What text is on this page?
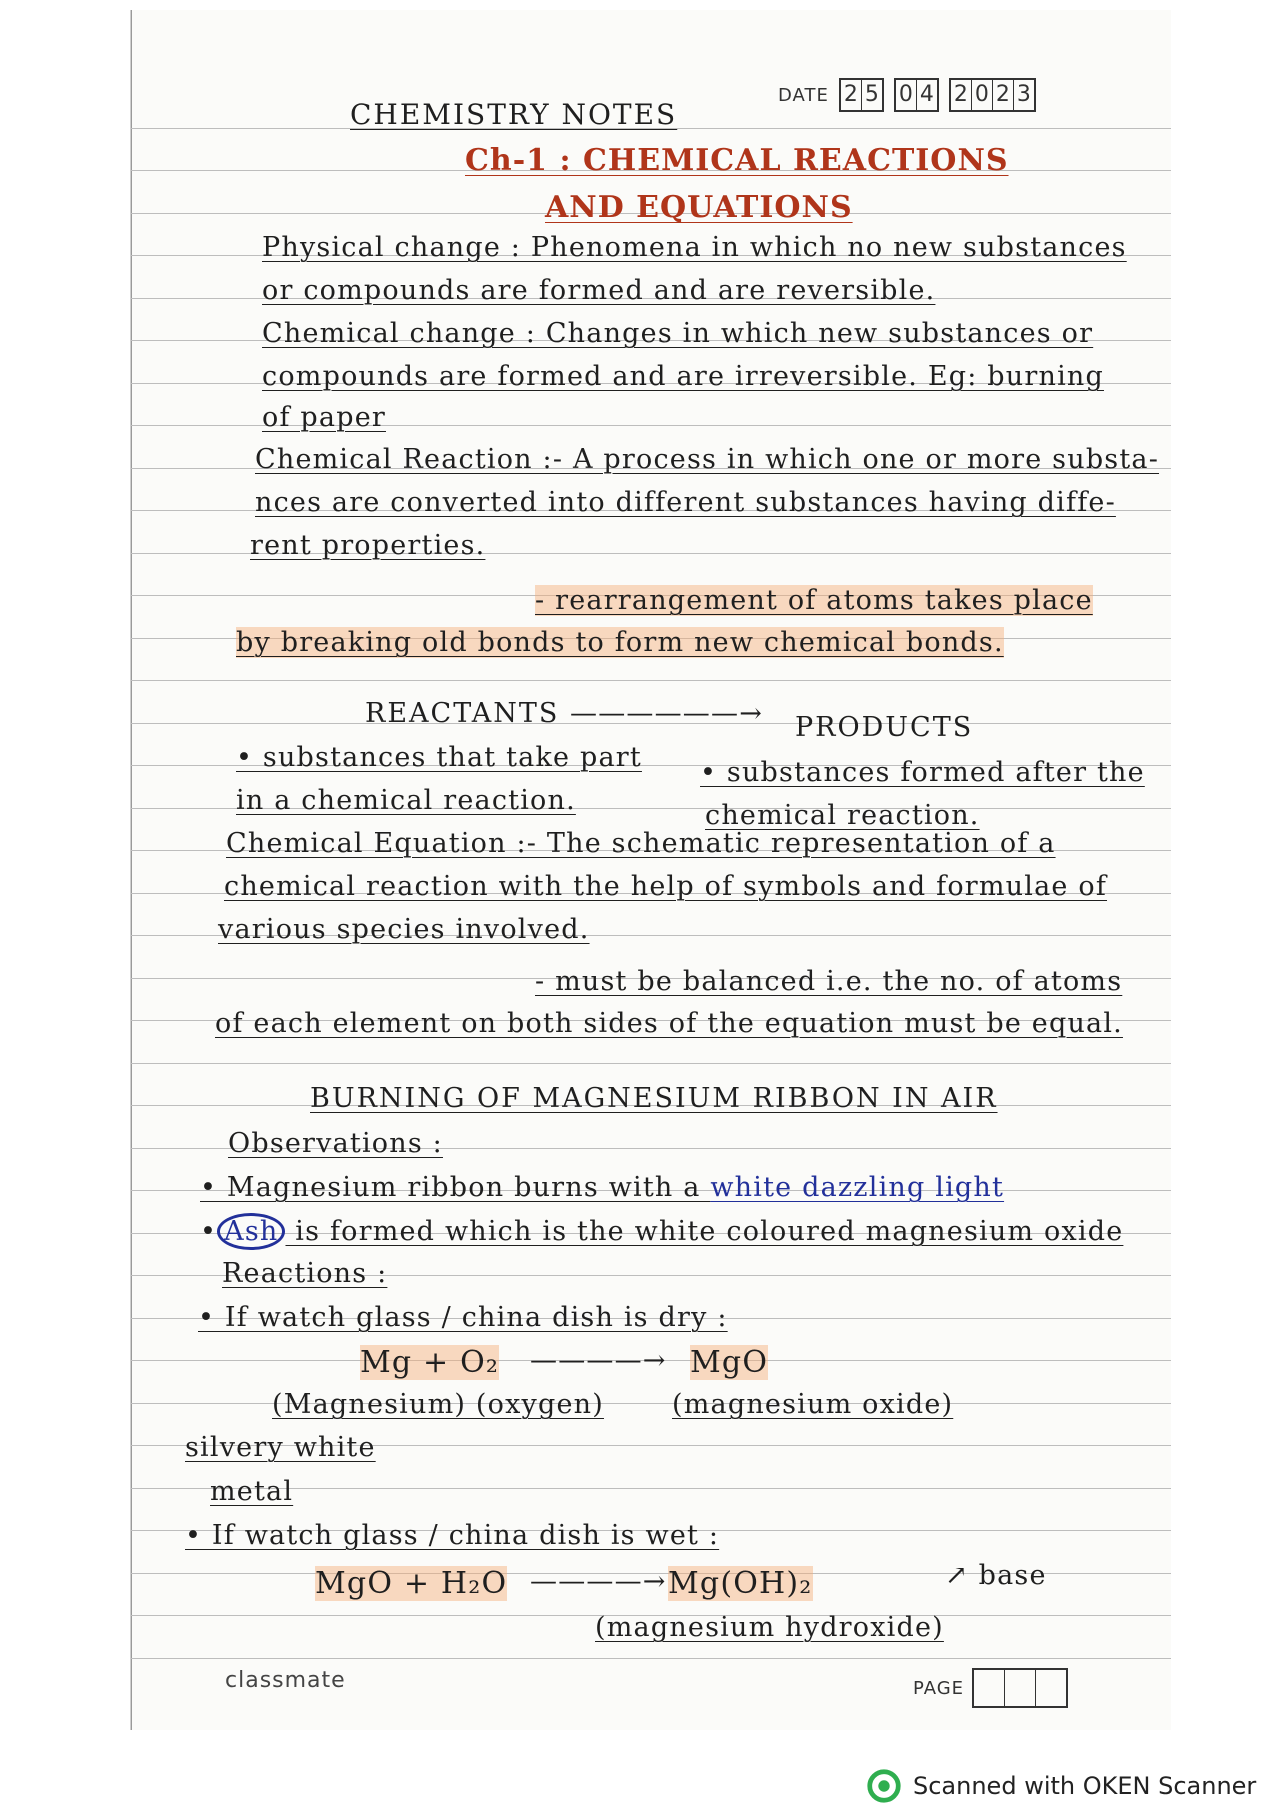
DATE 2 5 0 4 2 0 2 3
CHEMISTRY NOTES
Ch-1 : CHEMICAL REACTIONS
AND EQUATIONS
Physical change : Phenomena in which no new substances
or compounds are formed and are reversible.
Chemical change : Changes in which new substances or
compounds are formed and are irreversible. Eg: burning
of paper
Chemical Reaction :- A process in which one or more substa-
nces are converted into different substances having diffe-
rent properties.
- rearrangement of atoms takes place
by breaking old bonds to form new chemical bonds.
REACTANTS ——————→ PRODUCTS
• substances that take part • substances formed after the
in a chemical reaction.	chemical reaction.
Chemical Equation :- The schematic representation of a
chemical reaction with the help of symbols and formulae of
various species involved.
- must be balanced i.e. the no. of atoms
of each element on both sides of the equation must be equal.
BURNING OF MAGNESIUM RIBBON IN AIR
Observations :
• Magnesium ribbon burns with a white dazzling light
• Ash is formed which is the white coloured magnesium oxide
Reactions :
• If watch glass / china dish is dry :
Mg + O₂ ————→ MgO
(Magnesium) (oxygen)	(magnesium oxide)
silvery white
metal
• If watch glass / china dish is wet :
MgO + H₂O ————→ Mg(OH)₂	↗ base
(magnesium hydroxide)
classmate	PAGE
Scanned with OKEN Scanner
